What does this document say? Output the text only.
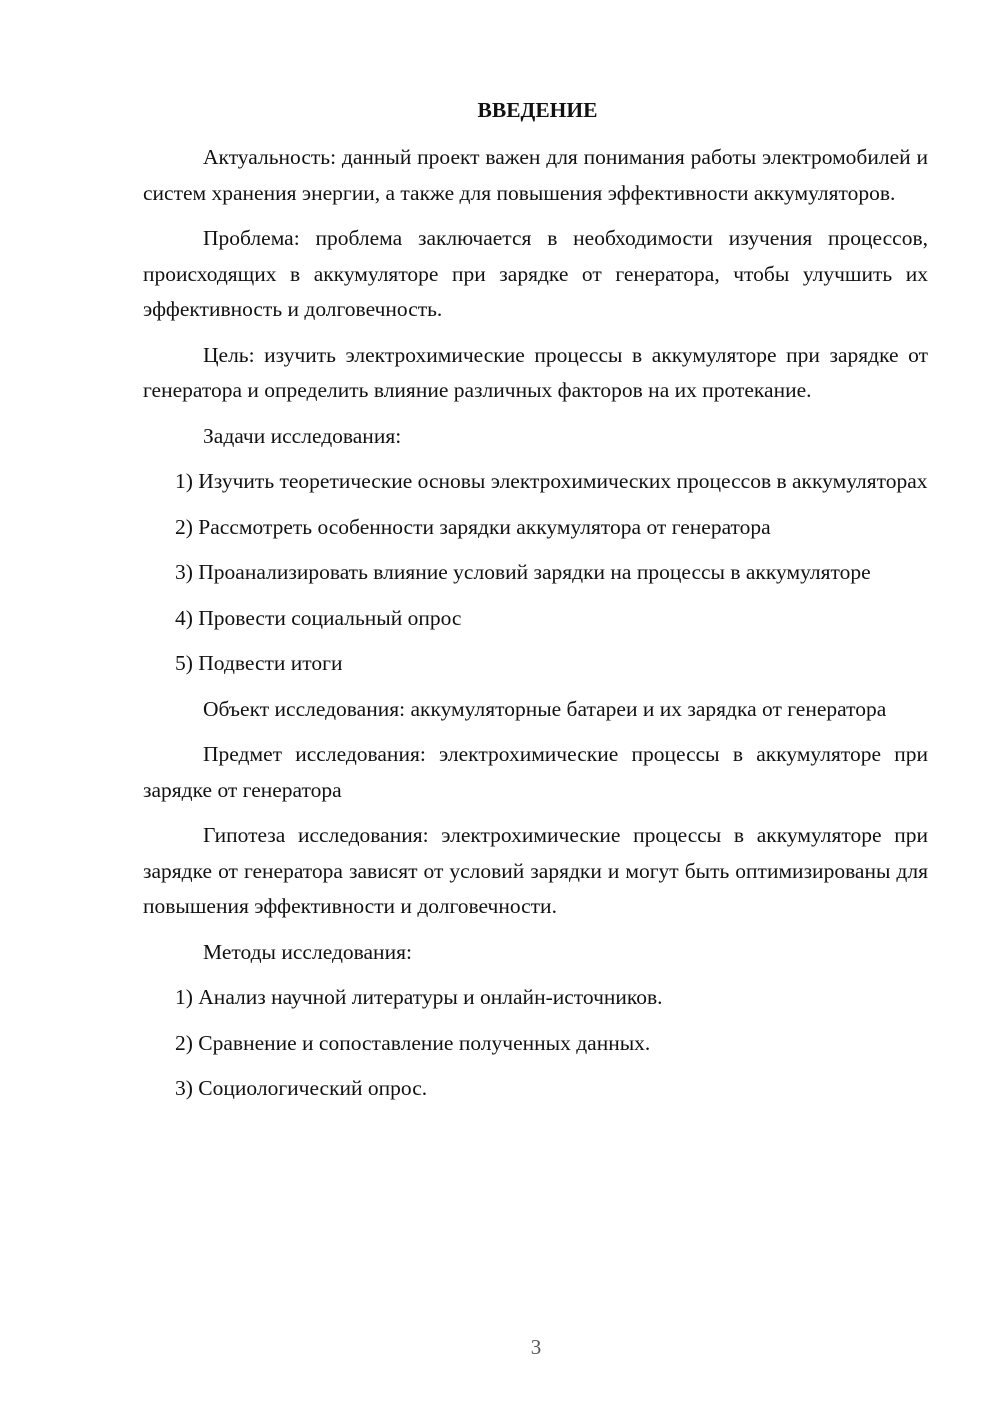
ВВЕДЕНИЕ

Актуальность: данный проект важен для понимания работы электромобилей и систем хранения энергии, а также для повышения эффективности аккумуляторов.

Проблема: проблема заключается в необходимости изучения процессов, происходящих в аккумуляторе при зарядке от генератора, чтобы улучшить их эффективность и долговечность.

Цель: изучить электрохимические процессы в аккумуляторе при зарядке от генератора и определить влияние различных факторов на их протекание.

Задачи исследования:

1) Изучить теоретические основы электрохимических процессов в аккумуляторах

2) Рассмотреть особенности зарядки аккумулятора от генератора

3) Проанализировать влияние условий зарядки на процессы в аккумуляторе

4) Провести социальный опрос

5) Подвести итоги

Объект исследования: аккумуляторные батареи и их зарядка от генератора

Предмет исследования: электрохимические процессы в аккумуляторе при зарядке от генератора

Гипотеза исследования: электрохимические процессы в аккумуляторе при зарядке от генератора зависят от условий зарядки и могут быть оптимизированы для повышения эффективности и долговечности.

Методы исследования:

1) Анализ научной литературы и онлайн-источников.

2) Сравнение и сопоставление полученных данных.

3) Социологический опрос.

3
